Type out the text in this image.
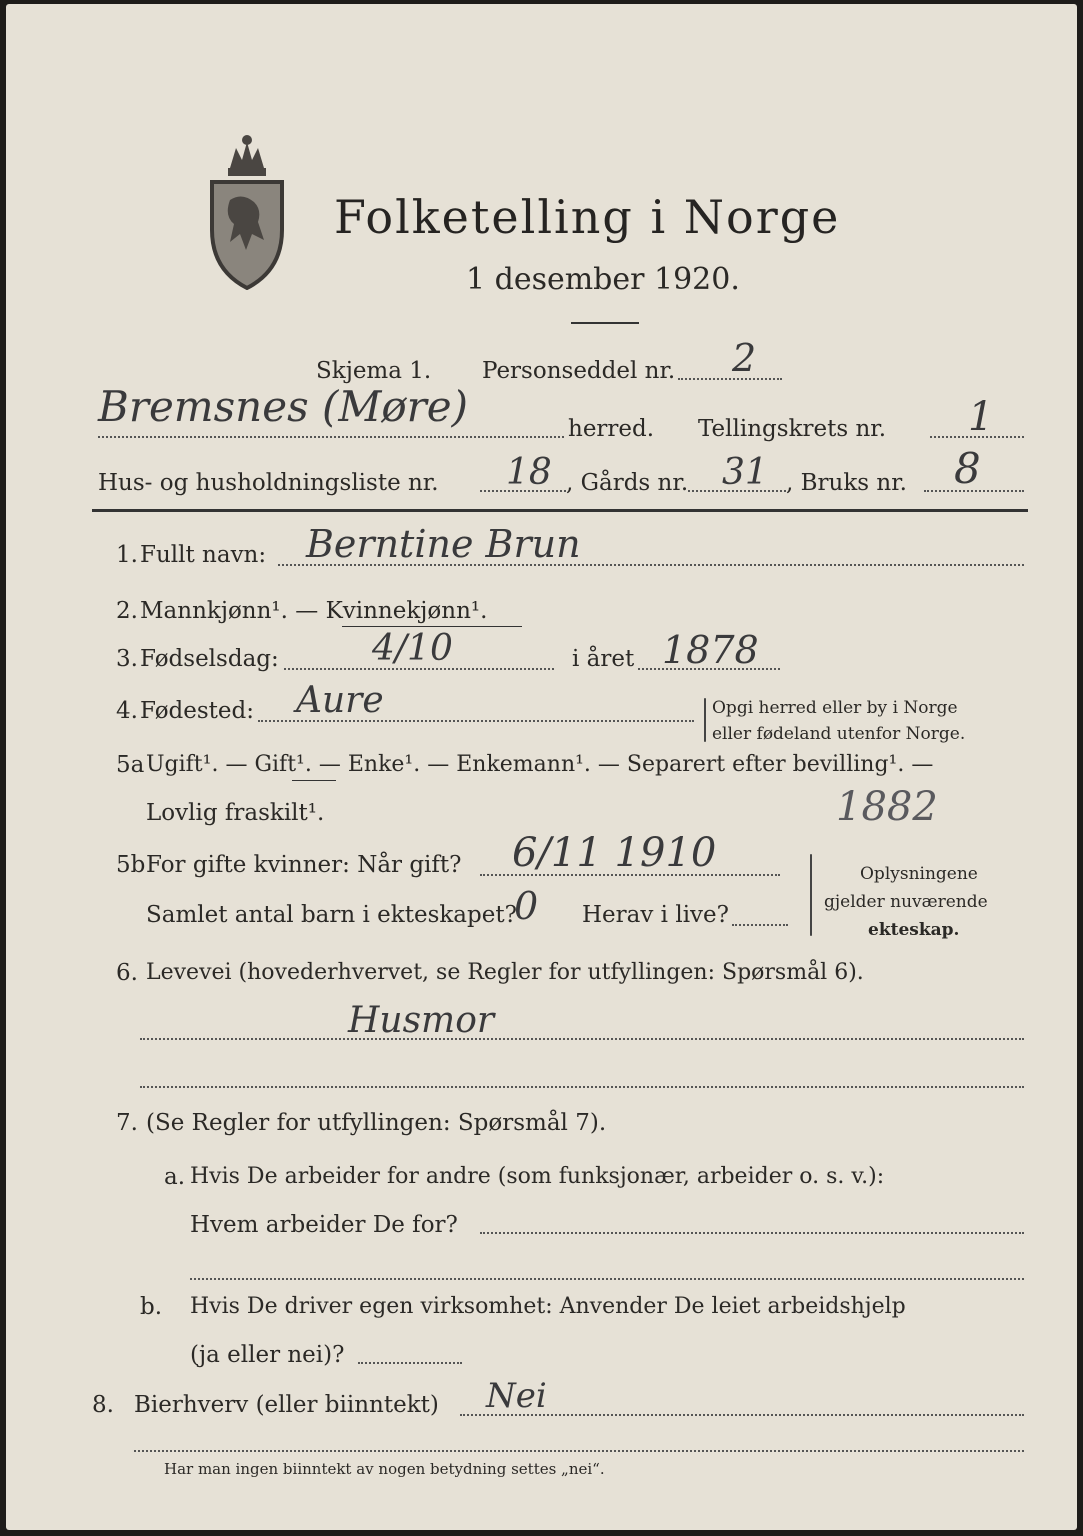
Folketelling i Norge
1 desember 1920.
Skjema 1. Personseddel nr. 2
Bremsnes (Møre)	herred. Tellingskrets nr. 1
Hus- og husholdningsliste nr. 18 , Gårds nr. 31 , Bruks nr. 8
1. Fullt navn: Berntine Brun
2. Mannkjønn¹. — Kvinnekjønn¹.
3. Fødselsdag:	4/10	i året 1878
4. Fødested: Aure	Opgi herred eller by i Norge
eller fødeland utenfor Norge.
5a Ugift¹. — Gift¹. — Enke¹. — Enkemann¹. — Separert efter bevilling¹. —
Lovlig fraskilt¹.	1882
5b For gifte kvinner: Når gift? 6/11 1910
Samlet antal barn i ekteskapet?
0 Herav i live?
Oplysningene
gjelder nuværende
ekteskap.
6. Levevei (hovederhvervet, se Regler for utfyllingen: Spørsmål 6).
Husmor
7. (Se Regler for utfyllingen: Spørsmål 7).
a. Hvis De arbeider for andre (som funksjonær, arbeider o. s. v.):
Hvem arbeider De for?
b. Hvis De driver egen virksomhet: Anvender De leiet arbeidshjelp
(ja eller nei)?
8. Bierhverv (eller biinntekt) Nei
Har man ingen biinntekt av nogen betydning settes „nei“.
